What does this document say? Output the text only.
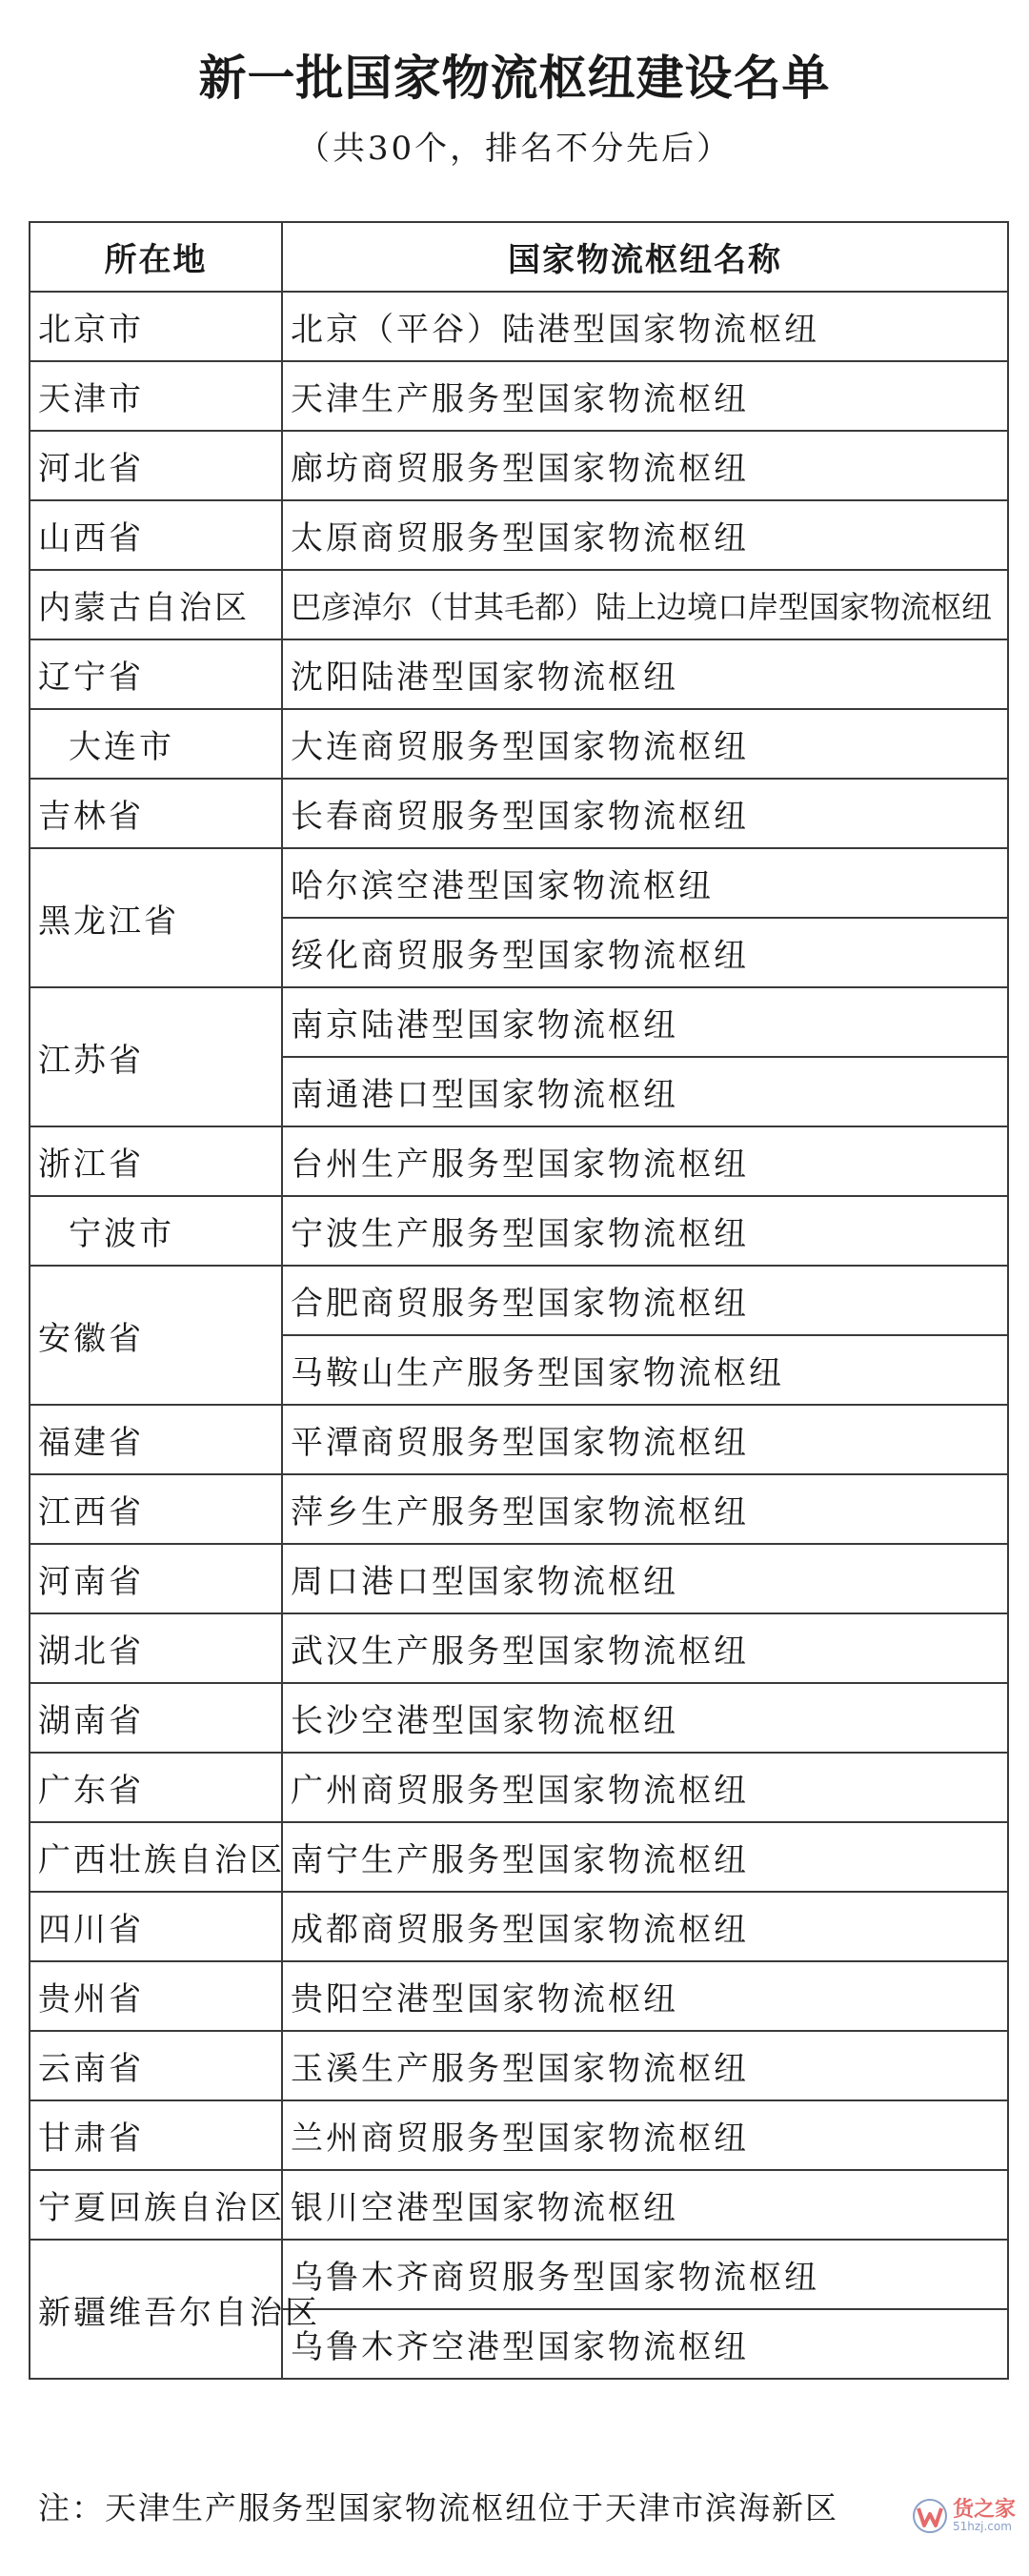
新一批国家物流枢纽建设名单
（共30个，排名不分先后）
所在地	国家物流枢纽名称
北京市	北京（平谷）陆港型国家物流枢纽
天津市	天津生产服务型国家物流枢纽
河北省	廊坊商贸服务型国家物流枢纽
山西省	太原商贸服务型国家物流枢纽
内蒙古自治区	巴彦淖尔（甘其毛都）陆上边境口岸型国家物流枢纽
辽宁省	沈阳陆港型国家物流枢纽
大连市	大连商贸服务型国家物流枢纽
吉林省	长春商贸服务型国家物流枢纽
黑龙江省	哈尔滨空港型国家物流枢纽
	绥化商贸服务型国家物流枢纽
江苏省	南京陆港型国家物流枢纽
	南通港口型国家物流枢纽
浙江省	台州生产服务型国家物流枢纽
宁波市	宁波生产服务型国家物流枢纽
安徽省	合肥商贸服务型国家物流枢纽
	马鞍山生产服务型国家物流枢纽
福建省	平潭商贸服务型国家物流枢纽
江西省	萍乡生产服务型国家物流枢纽
河南省	周口港口型国家物流枢纽
湖北省	武汉生产服务型国家物流枢纽
湖南省	长沙空港型国家物流枢纽
广东省	广州商贸服务型国家物流枢纽
广西壮族自治区	南宁生产服务型国家物流枢纽
四川省	成都商贸服务型国家物流枢纽
贵州省	贵阳空港型国家物流枢纽
云南省	玉溪生产服务型国家物流枢纽
甘肃省	兰州商贸服务型国家物流枢纽
宁夏回族自治区	银川空港型国家物流枢纽
新疆维吾尔自治区	乌鲁木齐商贸服务型国家物流枢纽
	乌鲁木齐空港型国家物流枢纽
注：天津生产服务型国家物流枢纽位于天津市滨海新区	货之家
51hzj.com
